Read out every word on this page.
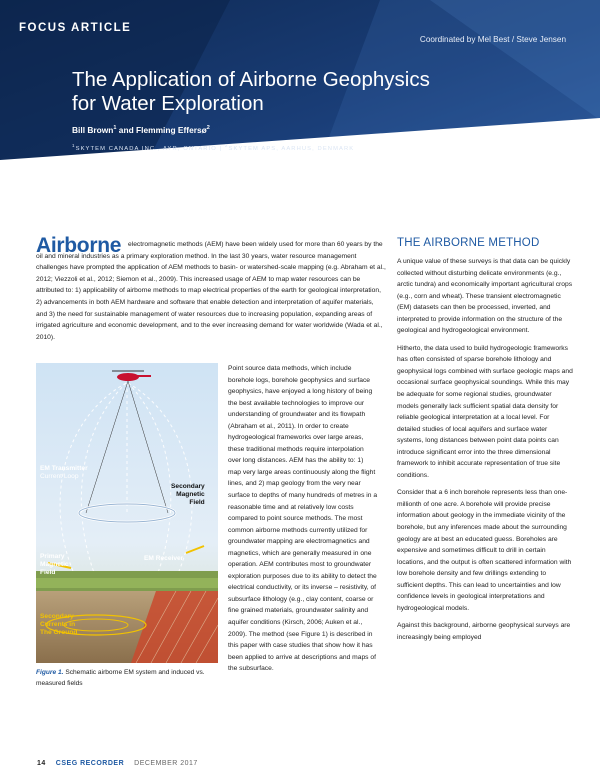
FOCUS ARTICLE
Coordinated by Mel Best / Steve Jensen
The Application of Airborne Geophysics
for Water Exploration
Bill Brown$^1$ and Flemming Effersø$^2$
$^1$SKYTEM CANADA INC., AYR, ONTARIO | $^2$SKYTEM APS, AARHUS, DENMARK
Airborne	electromagnetic methods (AEM) have been widely used for more than 60 years by the oil and mineral industries as a primary exploration method. In the last 30 years, water resource management challenges have prompted the application of AEM methods to basin- or watershed-scale mapping (e.g. Abraham et al., 2012; Viezzoli et al., 2012; Siemon et al., 2009). This increased usage of AEM to map water resources can be attributed to: 1) applicability of airborne methods to map electrical properties of the earth for geological interpretation, 2) advancements in both AEM hardware and software that enable detection and interpretation of aquifer materials, and 3) the need for sustainable management of water resources due to increasing population, expanding areas of irrigated agriculture and economic development, and to the ever increasing demand for water worldwide (Wada et al., 2010).
EM Transmitter
Current Loop
Secondary
Magnetic
Field
Primary
Magnetic
Field
EM Receiver
Secondary
Currents in
The Ground
Figure 1. Schematic airborne EM system and induced vs. measured fields
Point source data methods, which include borehole logs, borehole geophysics and surface geophysics, have enjoyed a long history of being the best available technologies to improve our understanding of groundwater and its flowpath (Abraham et al., 2011). In order to create hydrogeological frameworks over large areas, these traditional methods require interpolation over long distances. AEM has the ability to: 1) map very large areas continuously along the flight lines, and 2) map geology from the very near surface to depths of many hundreds of metres in a reasonable time and at relatively low costs compared to point source methods. The most common airborne methods currently utilized for groundwater mapping are electromagnetics and magnetics, which are generally measured in one operation. AEM contributes most to groundwater exploration purposes due to its ability to detect the electrical conductivity, or its inverse – resistivity, of subsurface lithology (e.g., clay content, coarse or fine grained materials, groundwater salinity and aquifer conditions (Kirsch, 2006; Auken et al., 2009). The method (see Figure 1) is described in this paper with case studies that show how it has been applied to arrive at descriptions and maps of the subsurface.
THE AIRBORNE METHOD

A unique value of these surveys is that data can be quickly collected without disturbing delicate environments (e.g., arctic tundra) and economically important agricultural crops (e.g., corn and wheat). These transient electromagnetic (EM) datasets can then be processed, inverted, and interpreted to provide information on the structure of the geological and hydrogeological environment.

Hitherto, the data used to build hydrogeologic frameworks has often consisted of sparse borehole lithology and geophysical logs combined with surface geologic maps and occasional surface geophysical soundings. While this may be adequate for some regional studies, groundwater models generally lack sufficient spatial data density for reliable geological interpretation at a local level. For detailed studies of local aquifers and surface water systems, long distances between point data points can introduce significant error into the three dimensional framework to inhibit accurate representation of true site conditions.

Consider that a 6 inch borehole represents less than one-millionth of one acre. A borehole will provide precise information about geology in the immediate vicinity of the borehole, but any inferences made about the surrounding geology are at best an educated guess. Boreholes are expensive and sometimes difficult to drill in certain locations, and the output is often scattered information with low borehole density and few drillings extending to sufficient depths. This can lead to uncertainties and low confidence levels in geological interpretations and hydrogeological models.

Against this background, airborne geophysical surveys are increasingly being employed

14 CSEG RECORDER DECEMBER 2017
